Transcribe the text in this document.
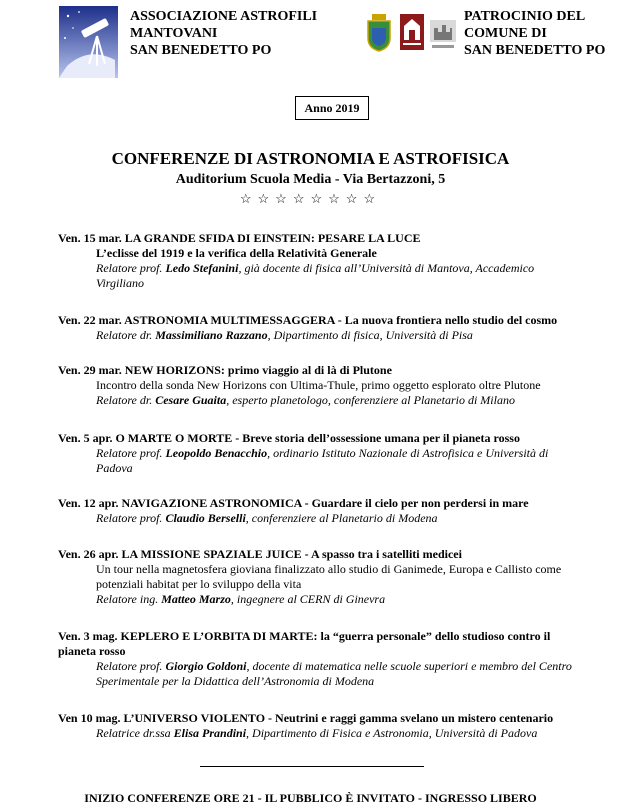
ASSOCIAZIONE ASTROFILI
MANTOVANI
SAN BENEDETTO PO
PATROCINIO DEL
COMUNE DI
SAN BENEDETTO PO
Anno 2019
CONFERENZE DI ASTRONOMIA E ASTROFISICA
Auditorium Scuola Media - Via Bertazzoni, 5
☆☆☆☆☆☆☆☆
Ven. 15 mar. LA GRANDE SFIDA DI EINSTEIN: PESARE LA LUCE
L’eclisse del 1919 e la verifica della Relatività Generale
Relatore prof. Ledo Stefanini, già docente di fisica all’Università di Mantova, Accademico Virgiliano
Ven. 22 mar. ASTRONOMIA MULTIMESSAGGERA - La nuova frontiera nello studio del cosmo
Relatore dr. Massimiliano Razzano, Dipartimento di fisica, Università di Pisa
Ven. 29 mar. NEW HORIZONS: primo viaggio al di là di Plutone
Incontro della sonda New Horizons con Ultima-Thule, primo oggetto esplorato oltre Plutone
Relatore dr. Cesare Guaita, esperto planetologo, conferenziere al Planetario di Milano
Ven. 5 apr. O MARTE O MORTE - Breve storia dell’ossessione umana per il pianeta rosso
Relatore prof. Leopoldo Benacchio, ordinario Istituto Nazionale di Astrofisica e Università di Padova
Ven. 12 apr. NAVIGAZIONE ASTRONOMICA - Guardare il cielo per non perdersi in mare
Relatore prof. Claudio Berselli, conferenziere al Planetario di Modena
Ven. 26 apr. LA MISSIONE SPAZIALE JUICE - A spasso tra i satelliti medicei
Un tour nella magnetosfera gioviana finalizzato allo studio di Ganimede, Europa e Callisto come potenziali habitat per lo sviluppo della vita
Relatore ing. Matteo Marzo, ingegnere al CERN di Ginevra
Ven. 3 mag. KEPLERO E L’ORBITA DI MARTE: la “guerra personale” dello studioso contro il pianeta rosso
Relatore prof. Giorgio Goldoni, docente di matematica nelle scuole superiori e membro del Centro Sperimentale per la Didattica dell’Astronomia di Modena
Ven 10 mag. L’UNIVERSO VIOLENTO - Neutrini e raggi gamma svelano un mistero centenario
Relatrice dr.ssa Elisa Prandini, Dipartimento di Fisica e Astronomia, Università di Padova
INIZIO CONFERENZE ORE 21 - IL PUBBLICO È INVITATO - INGRESSO LIBERO
